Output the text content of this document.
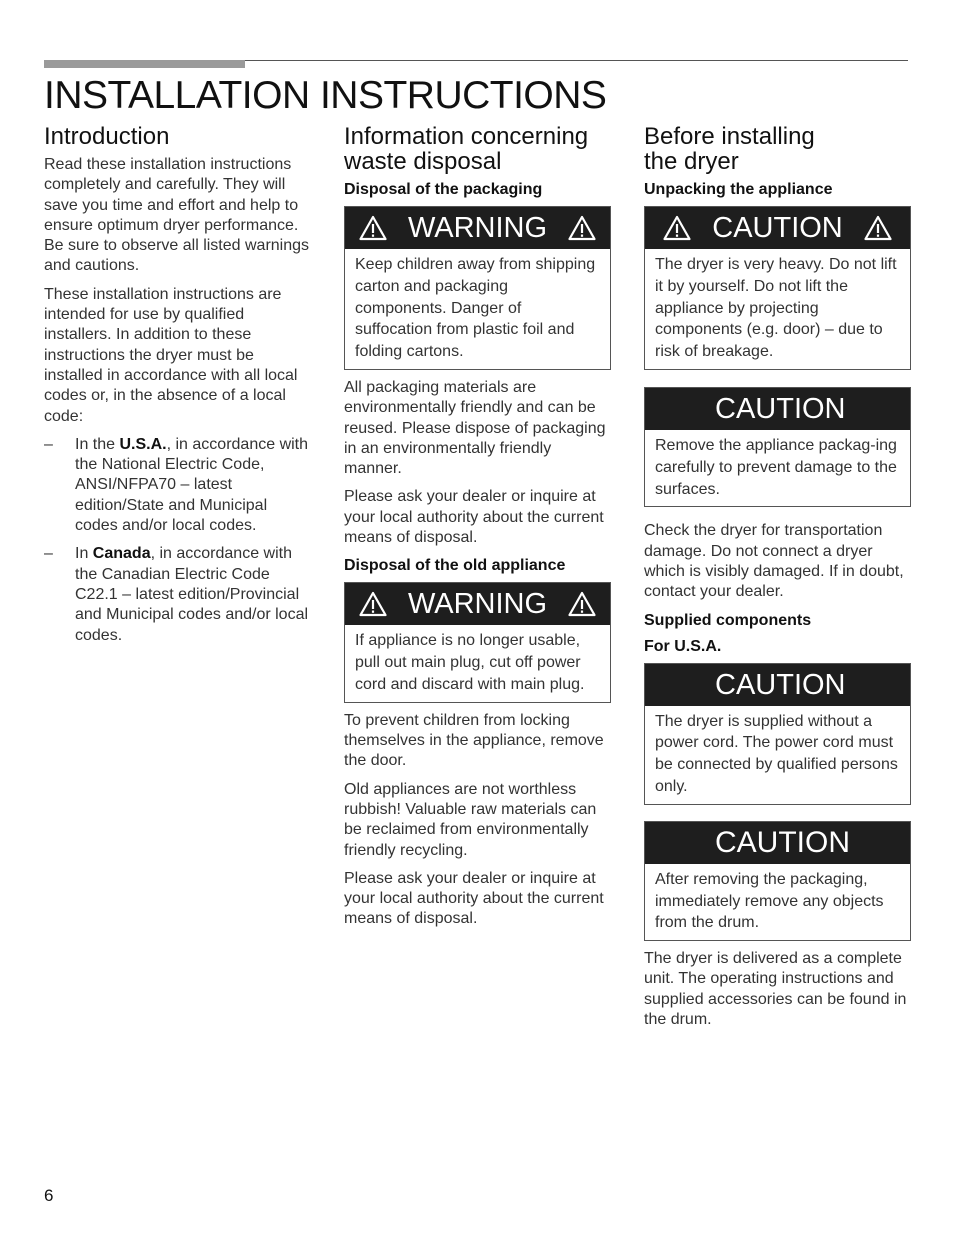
INSTALLATION INSTRUCTIONS
Introduction

Read these installation instructions completely and carefully. They will save you time and effort and help to ensure optimum dryer performance. Be sure to observe all listed warnings and cautions.

These installation instructions are intended for use by qualified installers. In addition to these instructions the dryer must be installed in accordance with all local codes or, in the absence of a local code:

– In the U.S.A., in accordance with the National Electric Code, ANSI/NFPA70 – latest edition/State and Municipal codes and/or local codes.
– In Canada, in accordance with the Canadian Electric Code C22.1 – latest edition/Provincial and Municipal codes and/or local codes.
Information concerning waste disposal
Disposal of the packaging
WARNING
Keep children away from shipping carton and packaging components. Danger of suffocation from plastic foil and folding cartons.

All packaging materials are environmentally friendly and can be reused. Please dispose of packaging in an environmentally friendly manner.

Please ask your dealer or inquire at your local authority about the current means of disposal.

Disposal of the old appliance
WARNING
If appliance is no longer usable, pull out main plug, cut off power cord and discard with main plug.

To prevent children from locking themselves in the appliance, remove the door.

Old appliances are not worthless rubbish! Valuable raw materials can be reclaimed from environmentally friendly recycling.

Please ask your dealer or inquire at your local authority about the current means of disposal.

Before installing the dryer
Unpacking the appliance
CAUTION
The dryer is very heavy. Do not lift it by yourself. Do not lift the appliance by projecting components (e.g. door) – due to risk of breakage.
CAUTION
Remove the appliance packag-ing carefully to prevent damage to the surfaces.

Check the dryer for transportation damage. Do not connect a dryer which is visibly damaged. If in doubt, contact your dealer.

Supplied components
For U.S.A.
CAUTION
The dryer is supplied without a power cord. The power cord must be connected by qualified persons only.
CAUTION
After removing the packaging, immediately remove any objects from the drum.

The dryer is delivered as a complete unit. The operating instructions and supplied accessories can be found in the drum.

6
